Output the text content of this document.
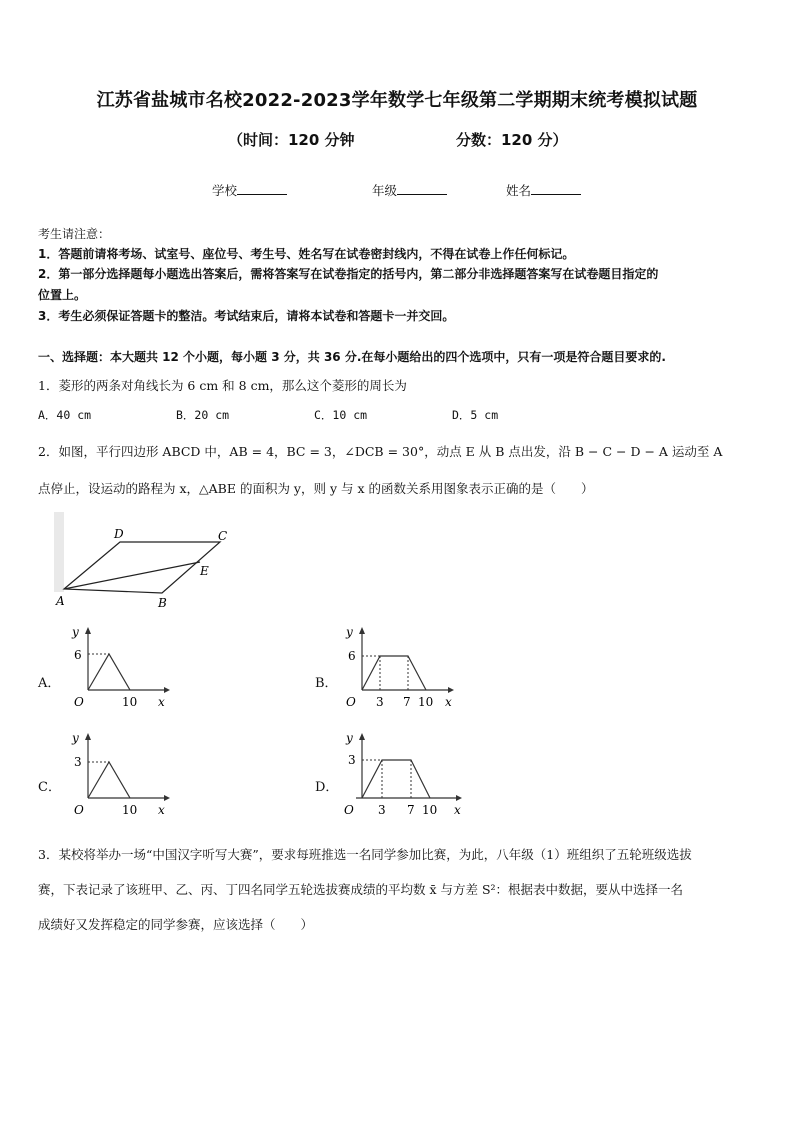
江苏省盐城市名校2022-2023学年数学七年级第二学期期末统考模拟试题
（时间：120 分钟	分数：120 分）
学校	年级	姓名
考生请注意：
1．答题前请将考场、试室号、座位号、考生号、姓名写在试卷密封线内，不得在试卷上作任何标记。
2．第一部分选择题每小题选出答案后，需将答案写在试卷指定的括号内，第二部分非选择题答案写在试卷题目指定的
位置上。
3．考生必须保证答题卡的整洁。考试结束后，请将本试卷和答题卡一并交回。
一、选择题：本大题共 12 个小题，每小题 3 分，共 36 分.在每小题给出的四个选项中，只有一项是符合题目要求的.
1．菱形的两条对角线长为 6 cm 和 8 cm，那么这个菱形的周长为
A．40 cm	B．20 cm	C．10 cm	D．5 cm
2．如图，平行四边形 ABCD 中，AB = 4，BC = 3，∠DCB = 30°，动点 E 从 B 点出发，沿 B − C − D − A 运动至 A
点停止，设运动的路程为 x，△ABE 的面积为 y，则 y 与 x 的函数关系用图象表示正确的是（　　）
D	C
E
A	B
A．	B．
C．	D．
y
6
O	10 x
y
6
O 3 7 10 x
y
3
O	10 x
y
3
O 3 7 10 x
3．某校将举办一场“中国汉字听写大赛”，要求每班推选一名同学参加比赛，为此，八年级（1）班组织了五轮班级选拔
赛，下表记录了该班甲、乙、丙、丁四名同学五轮选拔赛成绩的平均数 x̄ 与方差 S²：根据表中数据，要从中选择一名
成绩好又发挥稳定的同学参赛，应该选择（　　）
